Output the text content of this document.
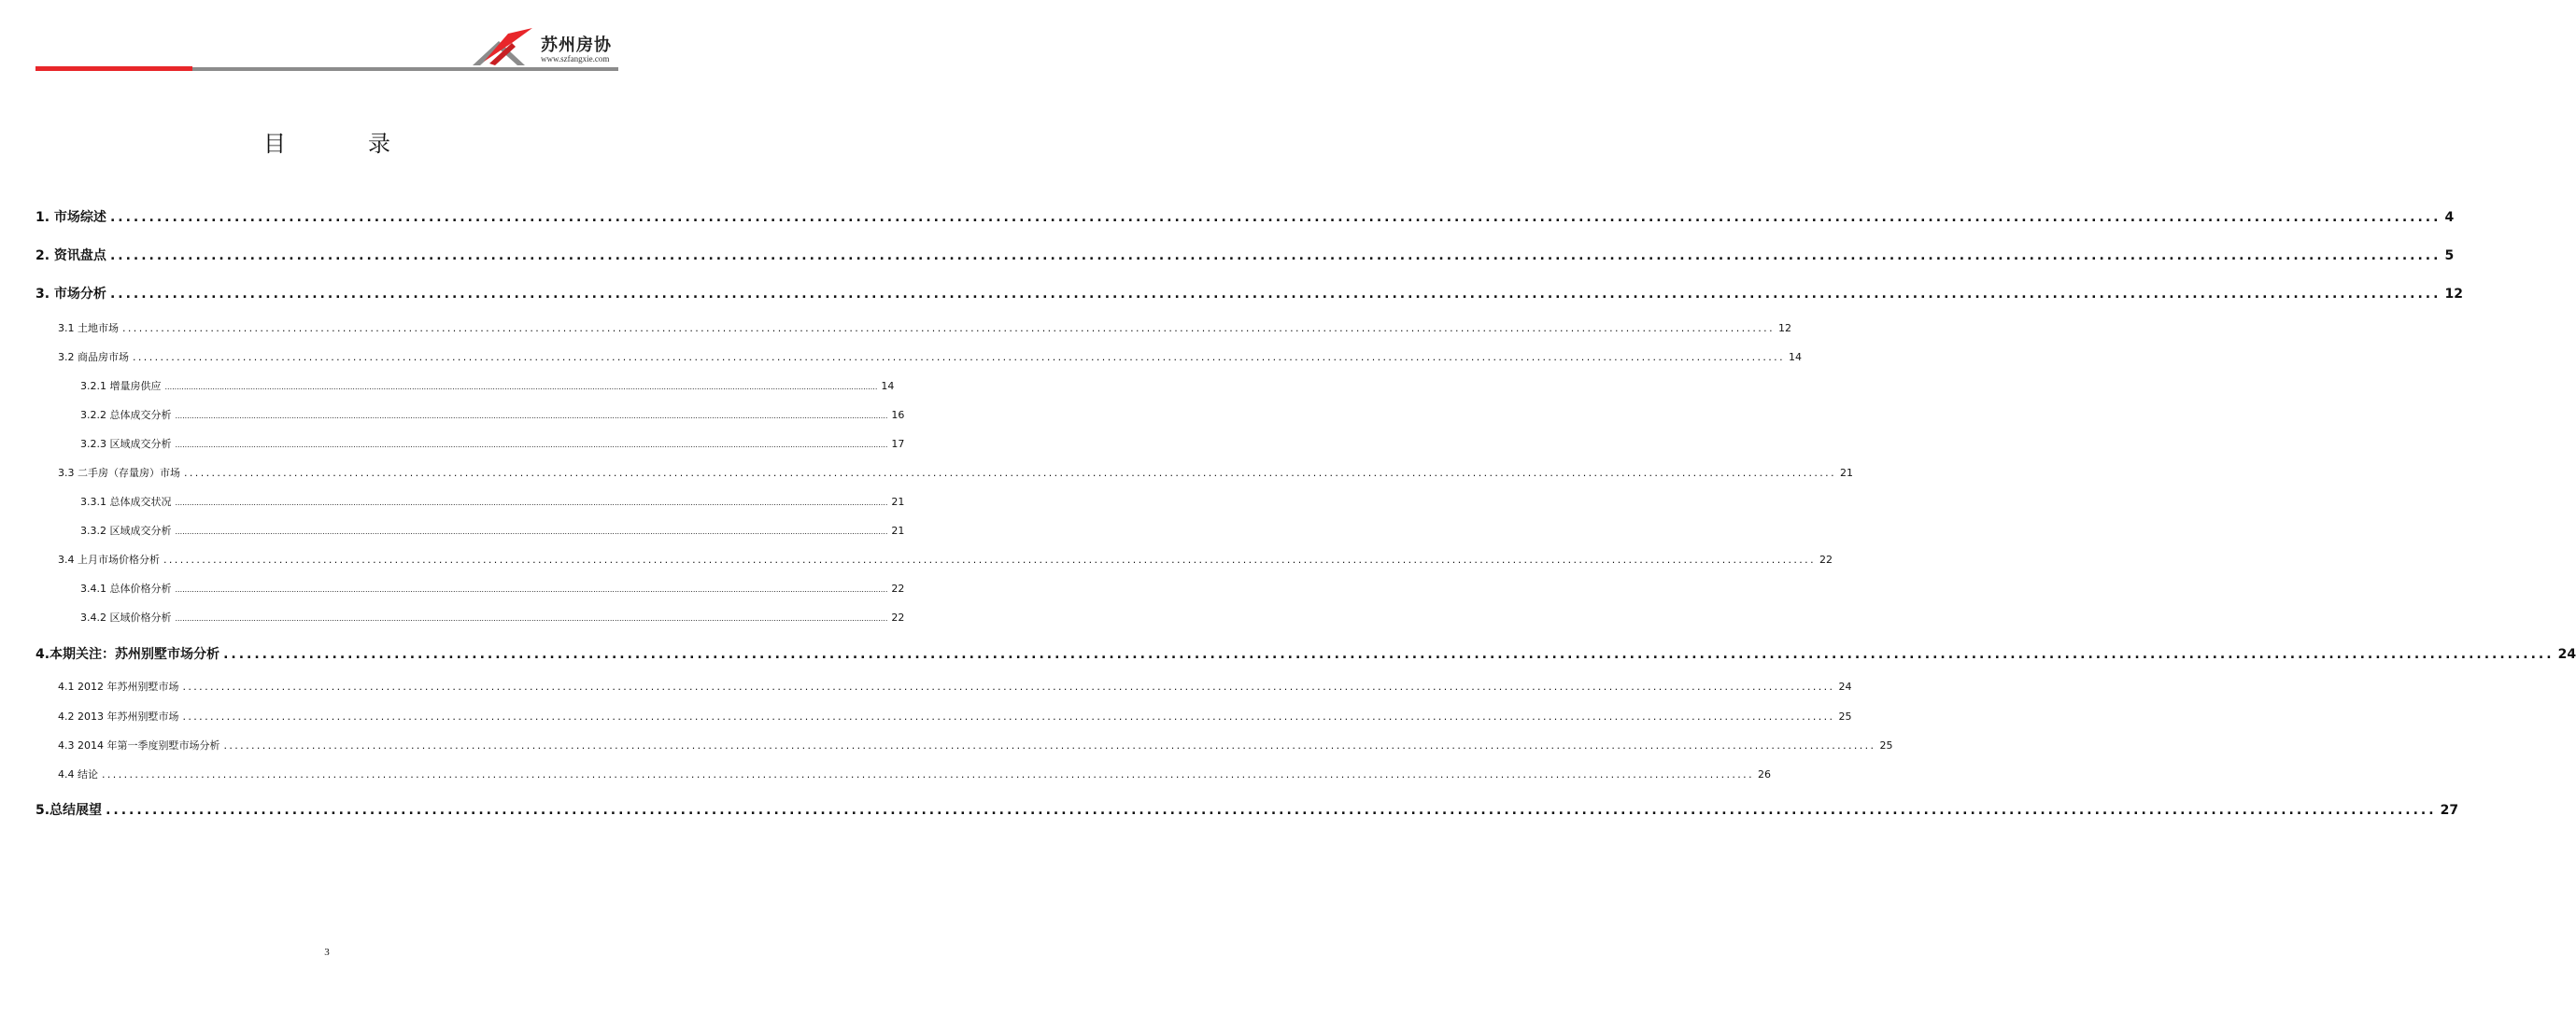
苏州房协
www.szfangxie.com
目	录
1. 市场综述 ............................................................................................................................................................................................................................................................................................................ 4
2. 资讯盘点 ............................................................................................................................................................................................................................................................................................................ 5
3. 市场分析 ............................................................................................................................................................................................................................................................................................................ 12
3.1 土地市场 ............................................................................................................................................................................................................................................................................................................ 12
3.2 商品房市场 ............................................................................................................................................................................................................................................................................................................ 14
3.2.1 增量房供应 ............................................................................................................................................................................................................................................................................................................ 14
3.2.2 总体成交分析 ............................................................................................................................................................................................................................................................................................................ 16
3.2.3 区域成交分析 ............................................................................................................................................................................................................................................................................................................ 17
3.3 二手房（存量房）市场 ............................................................................................................................................................................................................................................................................................................ 21
3.3.1 总体成交状况 ............................................................................................................................................................................................................................................................................................................ 21
3.3.2 区域成交分析 ............................................................................................................................................................................................................................................................................................................ 21
3.4 上月市场价格分析 ............................................................................................................................................................................................................................................................................................................ 22
3.4.1 总体价格分析 ............................................................................................................................................................................................................................................................................................................ 22
3.4.2 区域价格分析 ............................................................................................................................................................................................................................................................................................................ 22
4.本期关注：苏州别墅市场分析 ............................................................................................................................................................................................................................................................................................................ 24
4.1 2012 年苏州别墅市场 ............................................................................................................................................................................................................................................................................................................ 24
4.2 2013 年苏州别墅市场 ............................................................................................................................................................................................................................................................................................................ 25
4.3 2014 年第一季度别墅市场分析 ............................................................................................................................................................................................................................................................................................................ 25
4.4 结论 ............................................................................................................................................................................................................................................................................................................ 26
5.总结展望 ............................................................................................................................................................................................................................................................................................................ 27
3
